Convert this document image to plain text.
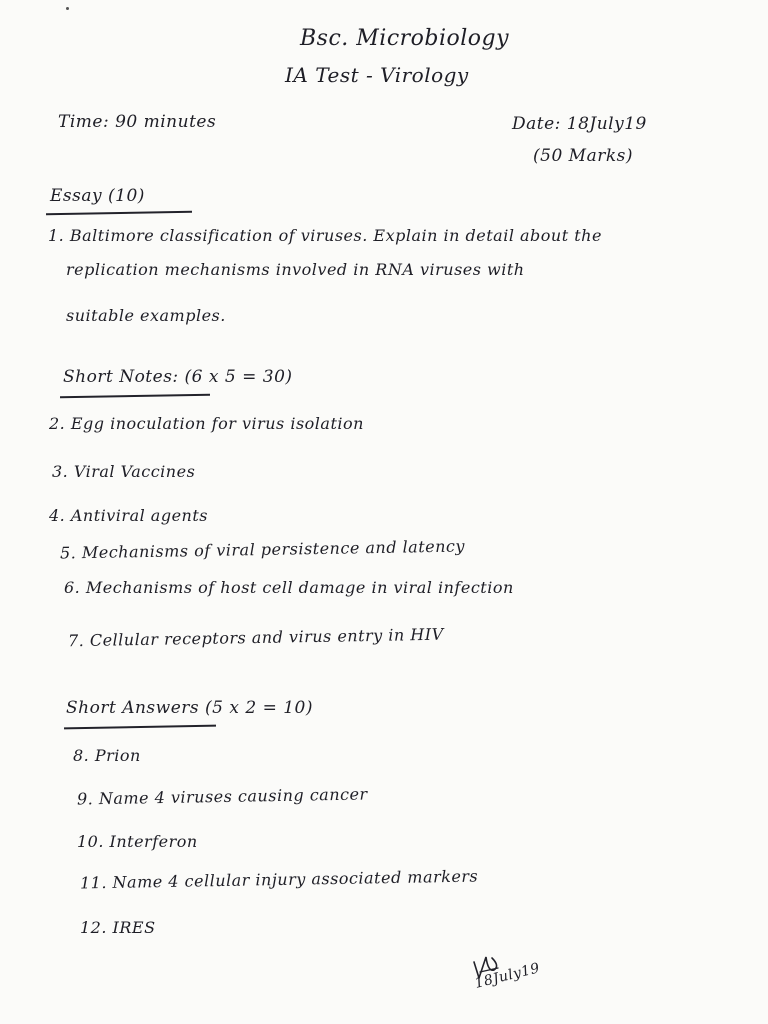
Bsc. Microbiology
IA Test - Virology
Time: 90 minutes	Date: 18July19
(50 Marks)
Essay (10)
1. Baltimore classification of viruses. Explain in detail about the
replication mechanisms involved in RNA viruses with
suitable examples.
Short Notes: (6 x 5 = 30)
2. Egg inoculation for virus isolation
3. Viral Vaccines
4. Antiviral agents
5. Mechanisms of viral persistence and latency
6. Mechanisms of host cell damage in viral infection
7. Cellular receptors and virus entry in HIV
Short Answers (5 x 2 = 10)
8. Prion
9. Name 4 viruses causing cancer
10. Interferon
11. Name 4 cellular injury associated markers
12. IRES
18July19
